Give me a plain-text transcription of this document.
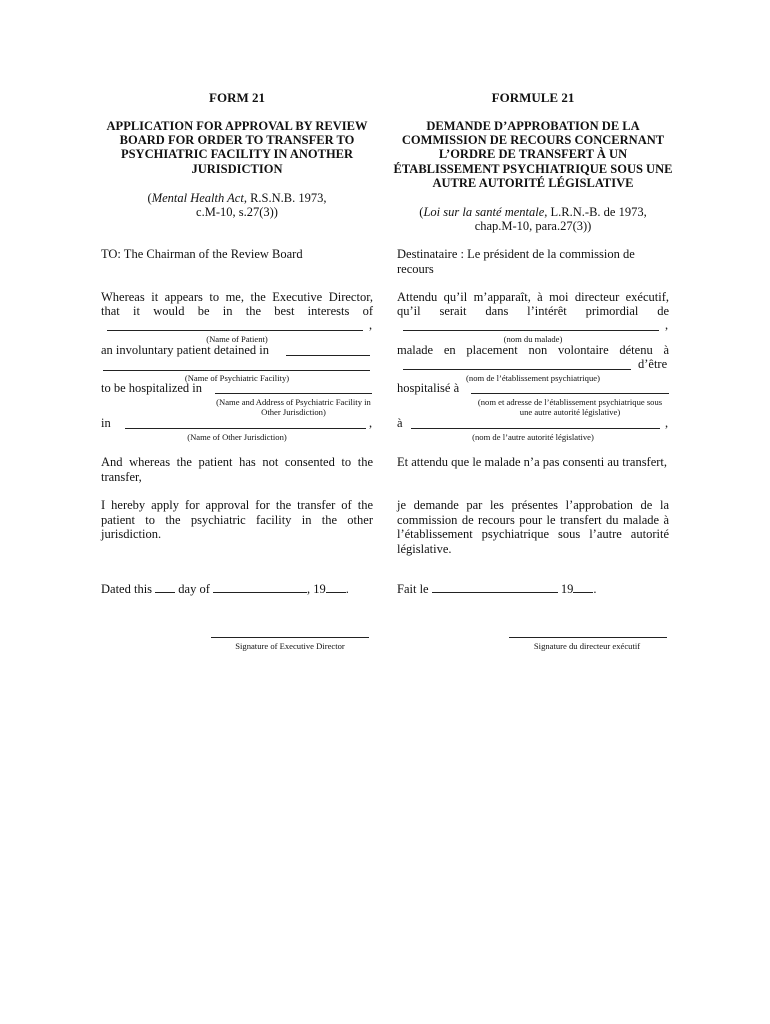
FORM 21

APPLICATION FOR APPROVAL BY REVIEW BOARD FOR ORDER TO TRANSFER TO PSYCHIATRIC FACILITY IN ANOTHER JURISDICTION

(Mental Health Act, R.S.N.B. 1973,
c.M-10, s.27(3))

TO: The Chairman of the Review Board

Whereas it appears to me, the Executive Director,

that it would be in the best interests of

,

(Name of Patient)

an involuntary patient detained in

(Name of Psychiatric Facility)

to be hospitalized in

(Name and Address of Psychiatric Facility in Other Jurisdiction)

in	,

(Name of Other Jurisdiction)

And whereas the patient has not consented to the transfer,

I hereby apply for approval for the transfer of the patient to the psychiatric facility in the other jurisdiction.

Dated this day of	, 19 .

Signature of Executive Director

FORMULE 21

DEMANDE D’APPROBATION DE LA COMMISSION DE RECOURS CONCERNANT L’ORDRE DE TRANSFERT À UN ÉTABLISSEMENT PSYCHIATRIQUE SOUS UNE AUTRE AUTORITÉ LÉGISLATIVE

(Loi sur la santé mentale, L.R.N.-B. de 1973,
chap.M-10, para.27(3))

Destinataire : Le président de la commission de recours

Attendu qu’il m’apparaît, à moi directeur exécutif,

qu’il serait dans l’intérêt primordial de

,

(nom du malade)

malade en placement non volontaire détenu à

d’être

(nom de l’établissement psychiatrique)

hospitalisé à

(nom et adresse de l’établissement psychiatrique sous une autre autorité législative)

à	,

(nom de l’autre autorité législative)

Et attendu que le malade n’a pas consenti au transfert,

je demande par les présentes l’approbation de la commission de recours pour le transfert du malade à l’établissement psychiatrique sous l’autre autorité législative.

Fait le	19 .

Signature du directeur exécutif
